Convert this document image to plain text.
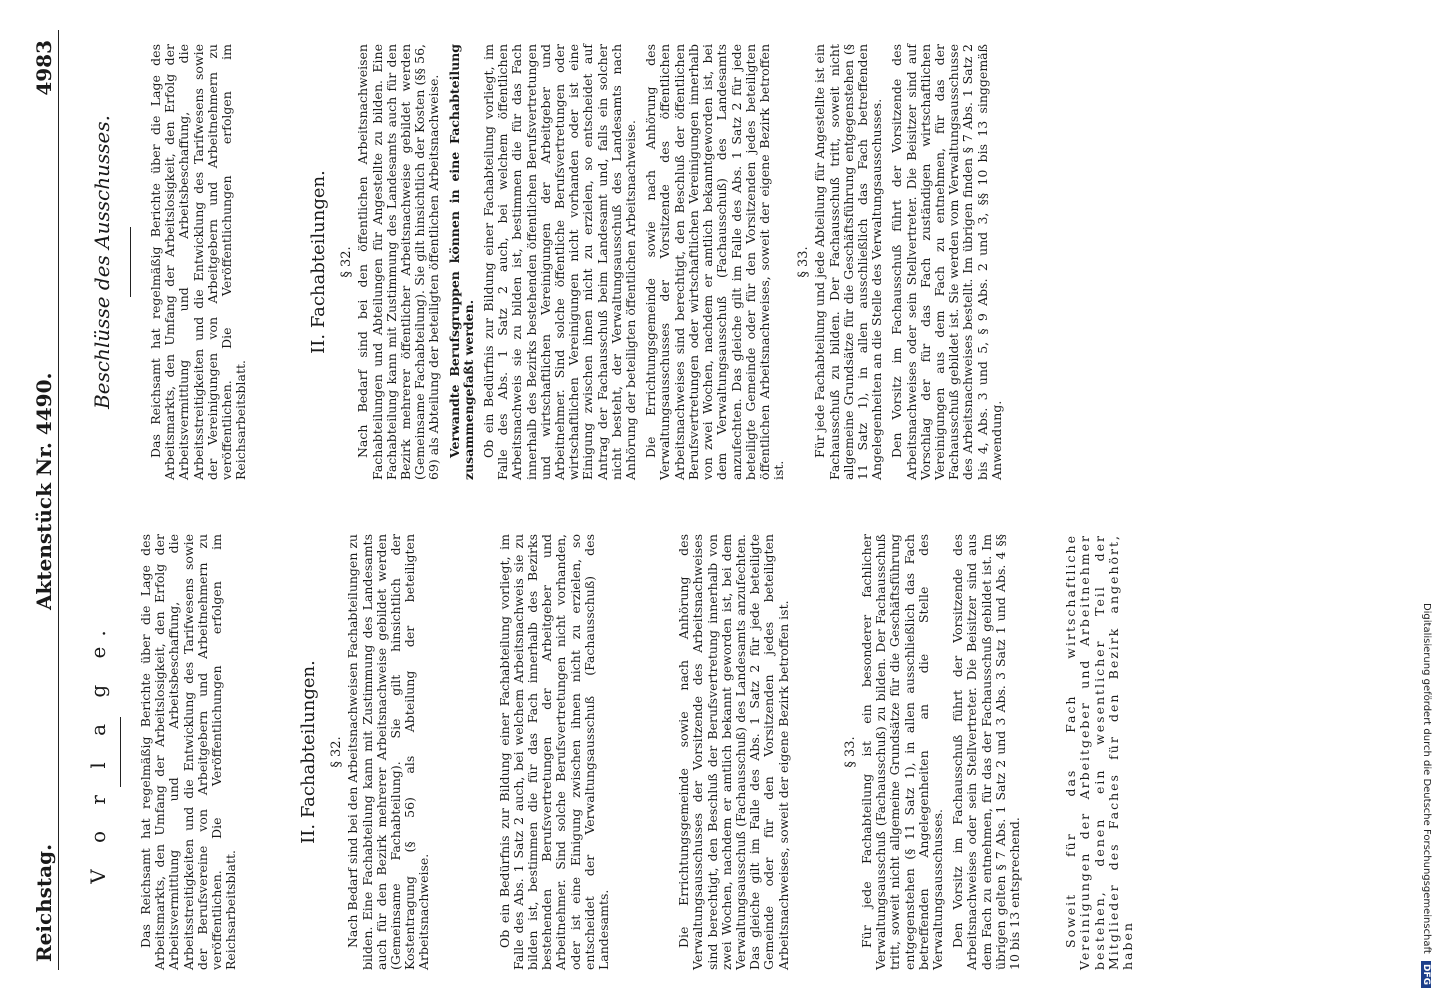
Reichstag.
Aktenstück Nr. 4490.
4983
V o r l a g e. Das Reichsamt hat regelmäßig Berichte über die Lage des Arbeitsmarkts, den Umfang der Arbeitslosigkeit, den Erfolg der Arbeitsvermittlung und Arbeitsbeschaffung, die Arbeitsstreitigkeiten und die Entwicklung des Tarifwesens sowie der Berufsvereine von Arbeitgebern und Arbeitnehmern zu veröffentlichen. Die Veröffentlichungen erfolgen im Reichsarbeitsblatt.

II. Fachabteilungen. § 32. Nach Bedarf sind bei den Arbeitsnachweisen Fachabteilungen zu bilden. Eine Fachabteilung kann mit Zustimmung des Landesamts auch für den Bezirk mehrerer Arbeitsnachweise gebildet werden (Gemeinsame Fachabteilung). Sie gilt hinsichtlich der Kostentragung (§ 56) als Abteilung der beteiligten Arbeitsnachweise.	Ob ein Bedürfnis zur Bildung einer Fachabteilung vorliegt, im Falle des Abs. 1 Satz 2 auch, bei welchem Arbeitsnachweis sie zu bilden ist, bestimmen die für das Fach innerhalb des Bezirks bestehenden Berufsvertretungen der Arbeitgeber und Arbeitnehmer. Sind solche Berufsvertretungen nicht vorhanden, oder ist eine Einigung zwischen ihnen nicht zu erzielen, so entscheidet der Verwaltungsausschuß (Fachausschuß) des Landesamts.	Die Errichtungsgemeinde sowie nach Anhörung des Verwaltungsausschusses der Vorsitzende des Arbeitsnachweises sind berechtigt, den Beschluß der Berufsvertretung innerhalb von zwei Wochen, nachdem er amtlich bekannt geworden ist, bei dem Verwaltungsausschuß (Fachausschuß) des Landesamts anzufechten. Das gleiche gilt im Falle des Abs. 1 Satz 2 für jede beteiligte Gemeinde oder für den Vorsitzenden jedes beteiligten Arbeitsnachweises, soweit der eigene Bezirk betroffen ist.	§ 33. Für jede Fachabteilung ist ein besonderer fachlicher Verwaltungsausschuß (Fachausschuß) zu bilden. Der Fachausschuß tritt, soweit nicht allgemeine Grundsätze für die Geschäftsführung entgegenstehen (§ 11 Satz 1), in allen ausschließlich das Fach betreffenden Angelegenheiten an die Stelle des Verwaltungsausschusses. Den Vorsitz im Fachausschuß führt der Vorsitzende des Arbeitsnachweises oder sein Stellvertreter. Die Beisitzer sind aus dem Fach zu entnehmen, für das der Fachausschuß gebildet ist. Im übrigen gelten § 7 Abs. 1 Satz 2 und 3 Abs. 3 Satz 1 und Abs. 4 §§ 10 bis 13 entsprechend.	Soweit für das Fach wirtschaftliche Vereinigungen der Arbeitgeber und Arbeitnehmer bestehen, denen ein wesentlicher Teil der Mitglieder des Faches für den Bezirk angehört, haben

Beschlüsse des Ausschusses.	Das Reichsamt hat regelmäßig Berichte über die Lage des Arbeitsmarkts, den Umfang der Arbeitslosigkeit, den Erfolg der Arbeitsvermittlung und Arbeitsbeschaffung, die Arbeitsstreitigkeiten und die Entwicklung des Tarifwesens sowie der Vereinigungen von Arbeitgebern und Arbeitnehmern zu veröffentlichen. Die Veröffentlichungen erfolgen im Reichsarbeitsblatt.

II. Fachabteilungen. § 32. Nach Bedarf sind bei den öffentlichen Arbeitsnachweisen Fachabteilungen und Abteilungen für Angestellte zu bilden. Eine Fachabteilung kann mit Zustimmung des Landesamts auch für den Bezirk mehrerer öffentlicher Arbeitsnachweise gebildet werden (Gemeinsame Fachabteilung). Sie gilt hinsichtlich der Kosten (§§ 56, 69) als Abteilung der beteiligten öffentlichen Arbeitsnachweise. Verwandte Berufsgruppen können in eine Fachabteilung zusammengefaßt werden. Ob ein Bedürfnis zur Bildung einer Fachabteilung vorliegt, im Falle des Abs. 1 Satz 2 auch, bei welchem öffentlichen Arbeitsnachweis sie zu bilden ist, bestimmen die für das Fach innerhalb des Bezirks bestehenden öffentlichen Berufsvertretungen und wirtschaftlichen Vereinigungen der Arbeitgeber und Arbeitnehmer. Sind solche öffentliche Berufsvertretungen oder wirtschaftlichen Vereinigungen nicht vorhanden oder ist eine Einigung zwischen ihnen nicht zu erzielen, so entscheidet auf Antrag der Fachausschuß beim Landesamt und, falls ein solcher nicht besteht, der Verwaltungsausschuß des Landesamts nach Anhörung der beteiligten öffentlichen Arbeitsnachweise. Die Errichtungsgemeinde sowie nach Anhörung des Verwaltungsausschusses der Vorsitzende des öffentlichen Arbeitsnachweises sind berechtigt, den Beschluß der öffentlichen Berufsvertretungen oder wirtschaftlichen Vereinigungen innerhalb von zwei Wochen, nachdem er amtlich bekanntgeworden ist, bei dem Verwaltungsausschuß (Fachausschuß) des Landesamts anzufechten. Das gleiche gilt im Falle des Abs. 1 Satz 2 für jede beteiligte Gemeinde oder für den Vorsitzenden jedes beteiligten öffentlichen Arbeitsnachweises, soweit der eigene Bezirk betroffen ist.

§ 33. Für jede Fachabteilung und jede Abteilung für Angestellte ist ein Fachausschuß zu bilden. Der Fachausschuß tritt, soweit nicht allgemeine Grundsätze für die Geschäftsführung entgegenstehen (§ 11 Satz 1), in allen ausschließlich das Fach betreffenden Angelegenheiten an die Stelle des Verwaltungsausschusses. Den Vorsitz im Fachausschuß führt der Vorsitzende des Arbeitsnachweises oder sein Stellvertreter. Die Beisitzer sind auf Vorschlag der für das Fach zuständigen wirtschaftlichen Vereinigungen aus dem Fach zu entnehmen, für das der Fachausschuß gebildet ist. Sie werden vom Verwaltungsausschusse des Arbeitsnachweises bestellt. Im übrigen finden § 7 Abs. 1 Satz 2 bis 4, Abs. 3 und 5, § 9 Abs. 2 und 3, §§ 10 bis 13 singgemäß Anwendung.

Digitalisierung gefördert durch die Deutsche Forschungsgemeinschaft DFG
